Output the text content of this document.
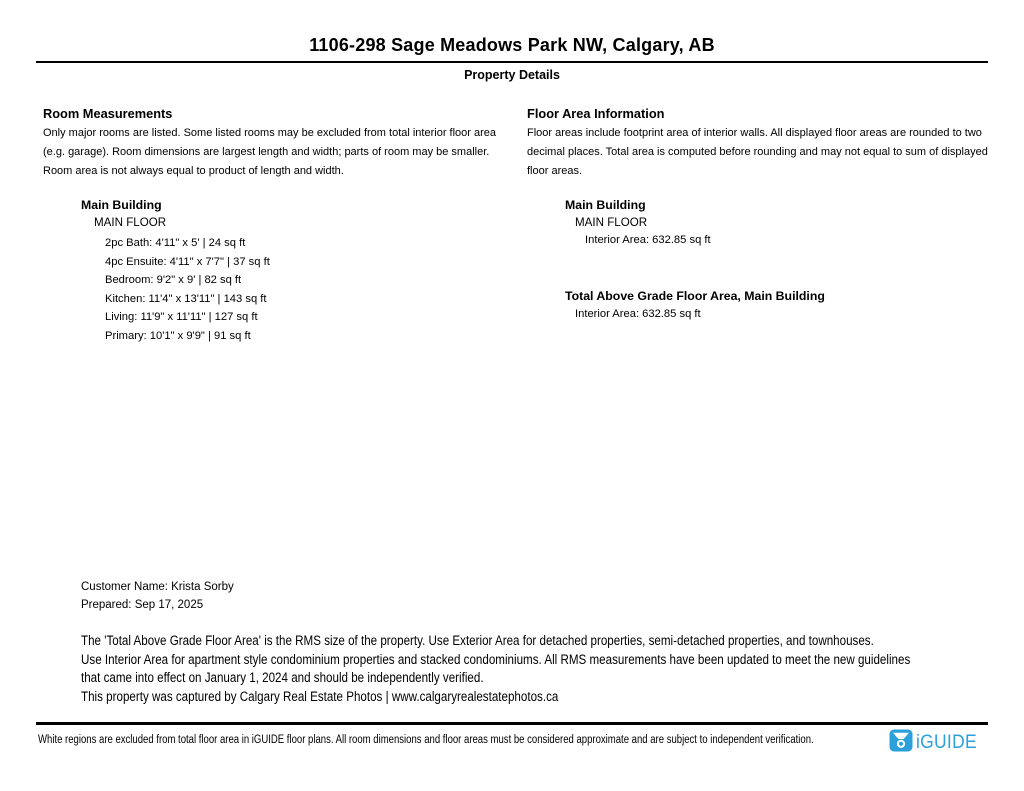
1106-298 Sage Meadows Park NW, Calgary, AB
Property Details
Room Measurements
Only major rooms are listed. Some listed rooms may be excluded from total interior floor area (e.g. garage). Room dimensions are largest length and width; parts of room may be smaller. Room area is not always equal to product of length and width.
Main Building
MAIN FLOOR
2pc Bath: 4'11" x 5' | 24 sq ft
4pc Ensuite: 4'11" x 7'7" | 37 sq ft
Bedroom: 9'2" x 9' | 82 sq ft
Kitchen: 11'4" x 13'11" | 143 sq ft
Living: 11'9" x 11'11" | 127 sq ft
Primary: 10'1" x 9'9" | 91 sq ft
Floor Area Information
Floor areas include footprint area of interior walls. All displayed floor areas are rounded to two decimal places. Total area is computed before rounding and may not equal to sum of displayed floor areas.
Main Building
MAIN FLOOR
Interior Area: 632.85 sq ft
Total Above Grade Floor Area, Main Building
Interior Area: 632.85 sq ft
Customer Name: Krista Sorby
Prepared: Sep 17, 2025
The 'Total Above Grade Floor Area' is the RMS size of the property. Use Exterior Area for detached properties, semi-detached properties, and townhouses.
Use Interior Area for apartment style condominium properties and stacked condominiums. All RMS measurements have been updated to meet the new guidelines
that came into effect on January 1, 2024 and should be independently verified.
This property was captured by Calgary Real Estate Photos | www.calgaryrealestatephotos.ca
White regions are excluded from total floor area in iGUIDE floor plans. All room dimensions and floor areas must be considered approximate and are subject to independent verification.	iGUIDE
